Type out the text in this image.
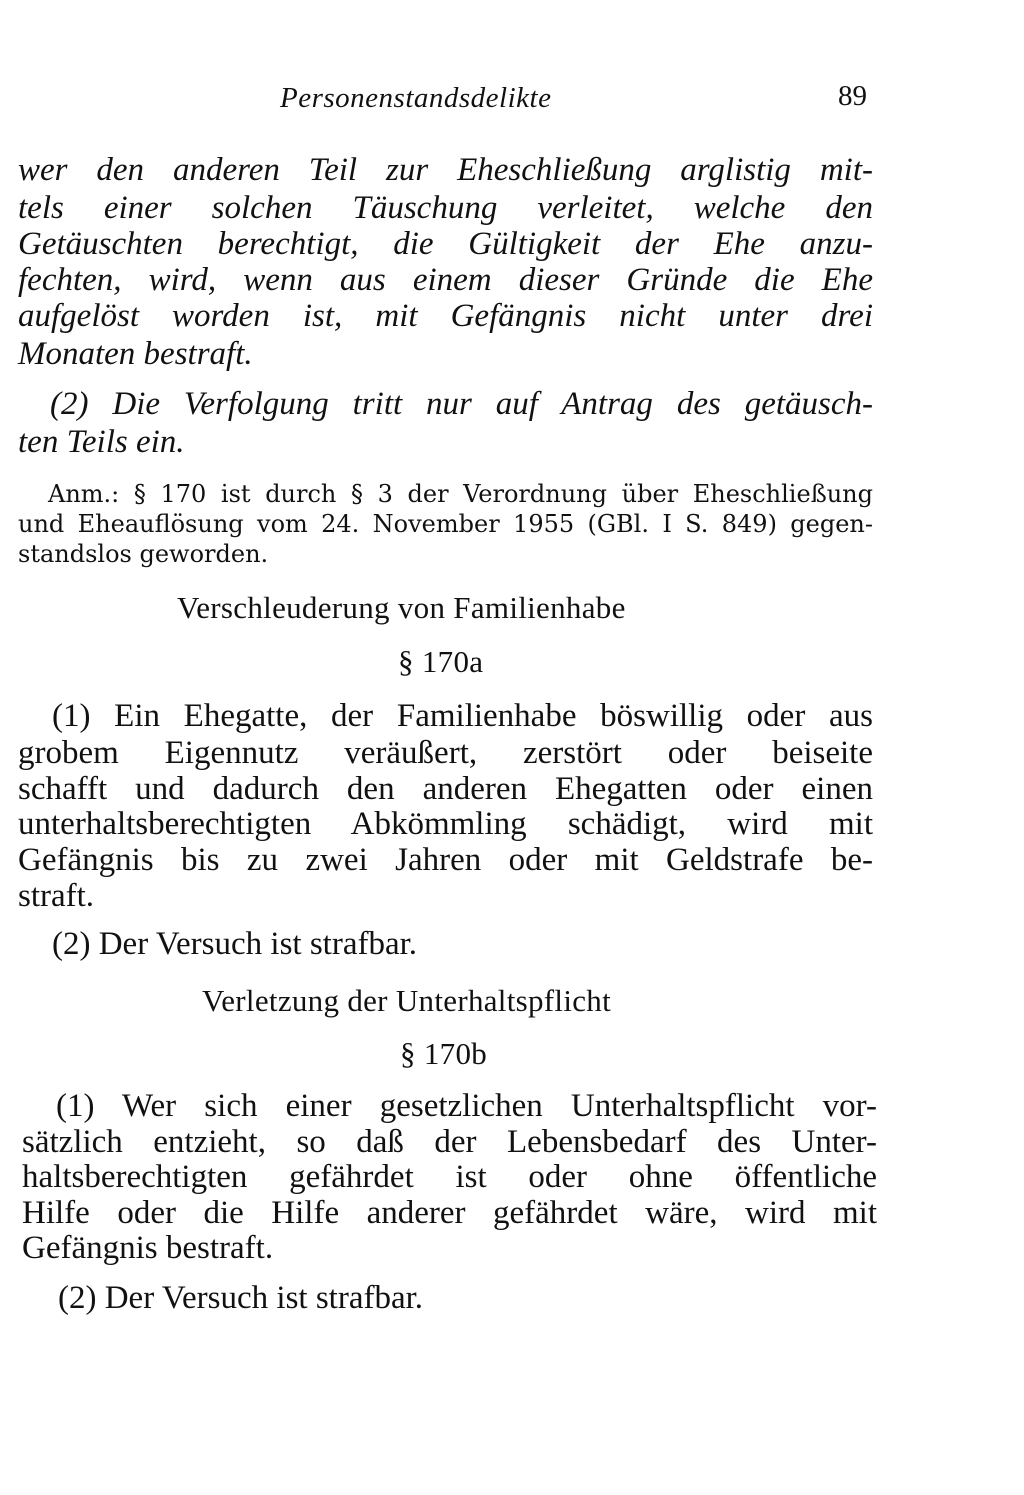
Personenstandsdelikte	89

wer den anderen Teil zur Eheschließung arglistig mit-

tels einer solchen Täuschung verleitet, welche den

Getäuschten berechtigt, die Gültigkeit der Ehe anzu-

fechten, wird, wenn aus einem dieser Gründe die Ehe

aufgelöst worden ist, mit Gefängnis nicht unter drei

Monaten bestraft.

(2) Die Verfolgung tritt nur auf Antrag des getäusch-

ten Teils ein.

Anm.: § 170 ist durch § 3 der Verordnung über Eheschließung

und Eheauflösung vom 24. November 1955 (GBl. I S. 849) gegen-

standslos geworden.

Verschleuderung von Familienhabe
§ 170a

(1) Ein Ehegatte, der Familienhabe böswillig oder aus

grobem Eigennutz veräußert, zerstört oder beiseite

schafft und dadurch den anderen Ehegatten oder einen

unterhaltsberechtigten Abkömmling schädigt, wird mit

Gefängnis bis zu zwei Jahren oder mit Geldstrafe be-

straft.

(2) Der Versuch ist strafbar.

Verletzung der Unterhaltspflicht
§ 170b

(1) Wer sich einer gesetzlichen Unterhaltspflicht vor-

sätzlich entzieht, so daß der Lebensbedarf des Unter-

haltsberechtigten gefährdet ist oder ohne öffentliche

Hilfe oder die Hilfe anderer gefährdet wäre, wird mit

Gefängnis bestraft.

(2) Der Versuch ist strafbar.
